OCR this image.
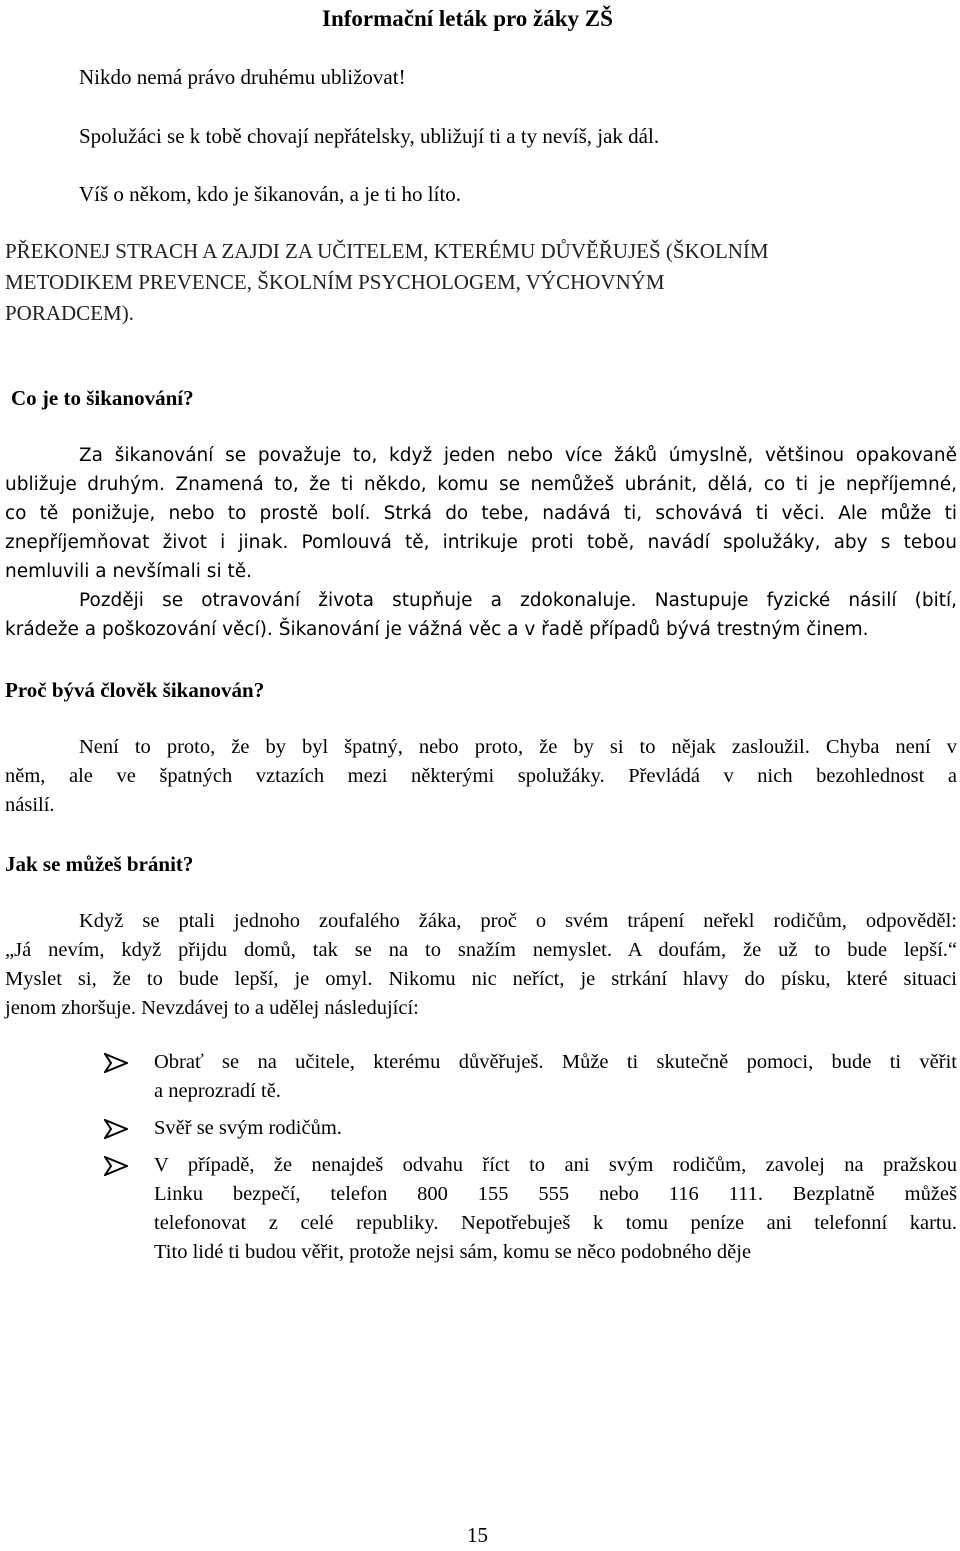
Informační leták pro žáky ZŠ

Nikdo nemá právo druhému ubližovat!

Spolužáci se k tobě chovají nepřátelsky, ubližují ti a ty nevíš, jak dál.

Víš o někom, kdo je šikanován, a je ti ho líto.

PŘEKONEJ STRACH A ZAJDI ZA UČITELEM, KTERÉMU DŮVĚŘUJEŠ (ŠKOLNÍM
METODIKEM PREVENCE, ŠKOLNÍM PSYCHOLOGEM, VÝCHOVNÝM
PORADCEM).

Co je to šikanování?

Za šikanování se považuje to, když jeden nebo více žáků úmyslně, většinou opakovaně
ubližuje druhým. Znamená to, že ti někdo, komu se nemůžeš ubránit, dělá, co ti je nepříjemné,
co tě ponižuje, nebo to prostě bolí. Strká do tebe, nadává ti, schovává ti věci. Ale může ti
znepříjemňovat život i jinak. Pomlouvá tě, intrikuje proti tobě, navádí spolužáky, aby s tebou
nemluvili a nevšímali si tě.
Později se otravování života stupňuje a zdokonaluje. Nastupuje fyzické násilí (bití,
krádeže a poškozování věcí). Šikanování je vážná věc a v řadě případů bývá trestným činem.

Proč bývá člověk šikanován?

Není to proto, že by byl špatný, nebo proto, že by si to nějak zasloužil. Chyba není v
něm, ale ve špatných vztazích mezi některými spolužáky. Převládá v nich bezohlednost a
násilí.

Jak se můžeš bránit?

Když se ptali jednoho zoufalého žáka, proč o svém trápení neřekl rodičům, odpověděl:
„Já nevím, když přijdu domů, tak se na to snažím nemyslet. A doufám, že už to bude lepší.“
Myslet si, že to bude lepší, je omyl. Nikomu nic neříct, je strkání hlavy do písku, které situaci
jenom zhoršuje. Nevzdávej to a udělej následující:

Obrať se na učitele, kterému důvěřuješ. Může ti skutečně pomoci, bude ti věřit
a neprozradí tě.
Svěř se svým rodičům.
V případě, že nenajdeš odvahu říct to ani svým rodičům, zavolej na pražskou
Linku bezpečí, telefon 800 155 555 nebo 116 111. Bezplatně můžeš
telefonovat z celé republiky. Nepotřebuješ k tomu peníze ani telefonní kartu.
Tito lidé ti budou věřit, protože nejsi sám, komu se něco podobného děje

15
